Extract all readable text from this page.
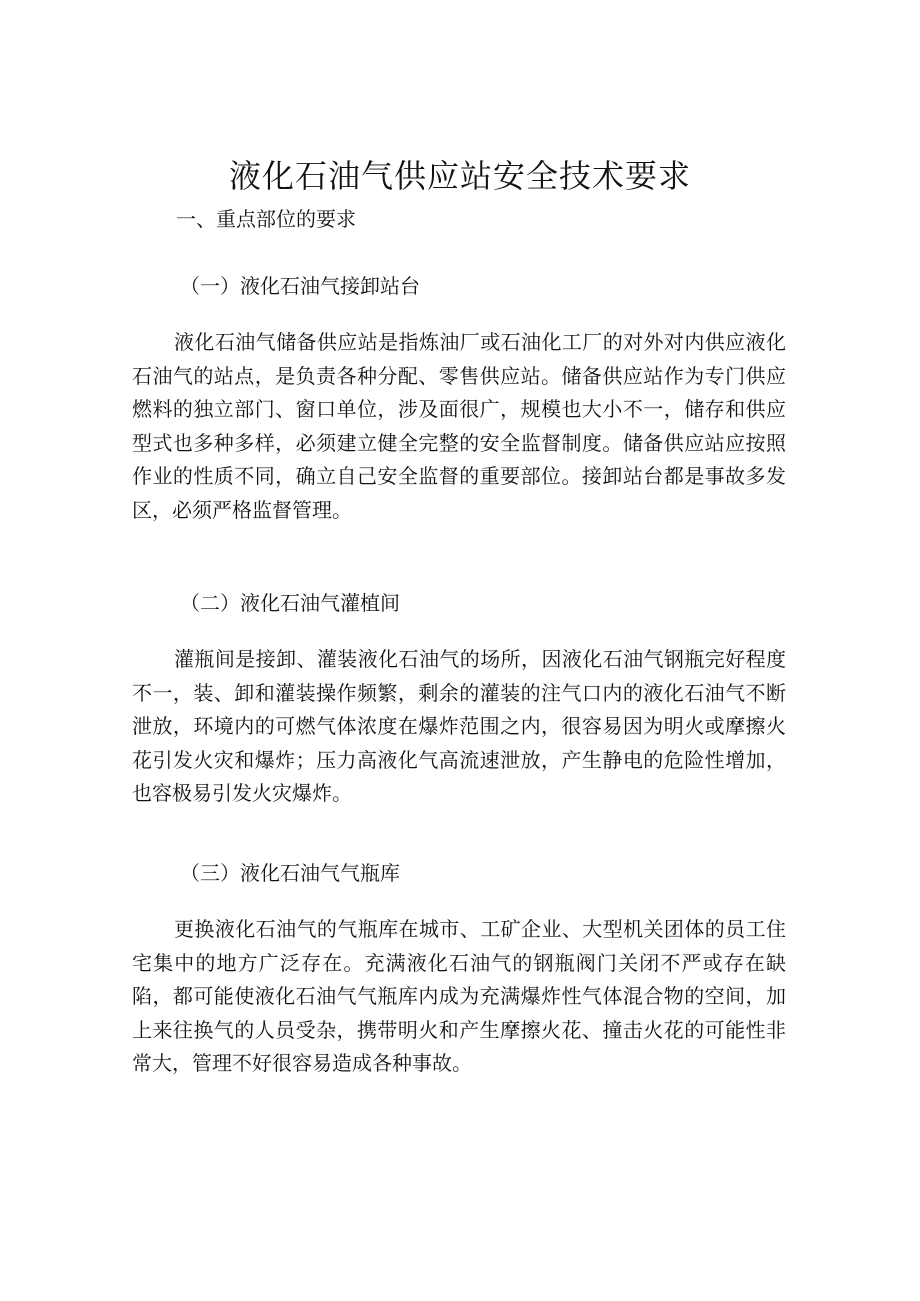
液化石油气供应站安全技术要求
一、重点部位的要求
（一）液化石油气接卸站台

液化石油气储备供应站是指炼油厂或石油化工厂的对外对内供应液化石油气的站点，是负责各种分配、零售供应站。储备供应站作为专门供应燃料的独立部门、窗口单位，涉及面很广，规模也大小不一，储存和供应型式也多种多样，必须建立健全完整的安全监督制度。储备供应站应按照作业的性质不同，确立自己安全监督的重要部位。接卸站台都是事故多发区，必须严格监督管理。

（二）液化石油气灌植间

灌瓶间是接卸、灌装液化石油气的场所，因液化石油气钢瓶完好程度不一，装、卸和灌装操作频繁，剩余的灌装的注气口内的液化石油气不断泄放，环境内的可燃气体浓度在爆炸范围之内，很容易因为明火或摩擦火花引发火灾和爆炸；压力高液化气高流速泄放，产生静电的危险性增加，也容极易引发火灾爆炸。

（三）液化石油气气瓶库

更换液化石油气的气瓶库在城市、工矿企业、大型机关团体的员工住宅集中的地方广泛存在。充满液化石油气的钢瓶阀门关闭不严或存在缺陷，都可能使液化石油气气瓶库内成为充满爆炸性气体混合物的空间，加上来往换气的人员受杂，携带明火和产生摩擦火花、撞击火花的可能性非常大，管理不好很容易造成各种事故。
